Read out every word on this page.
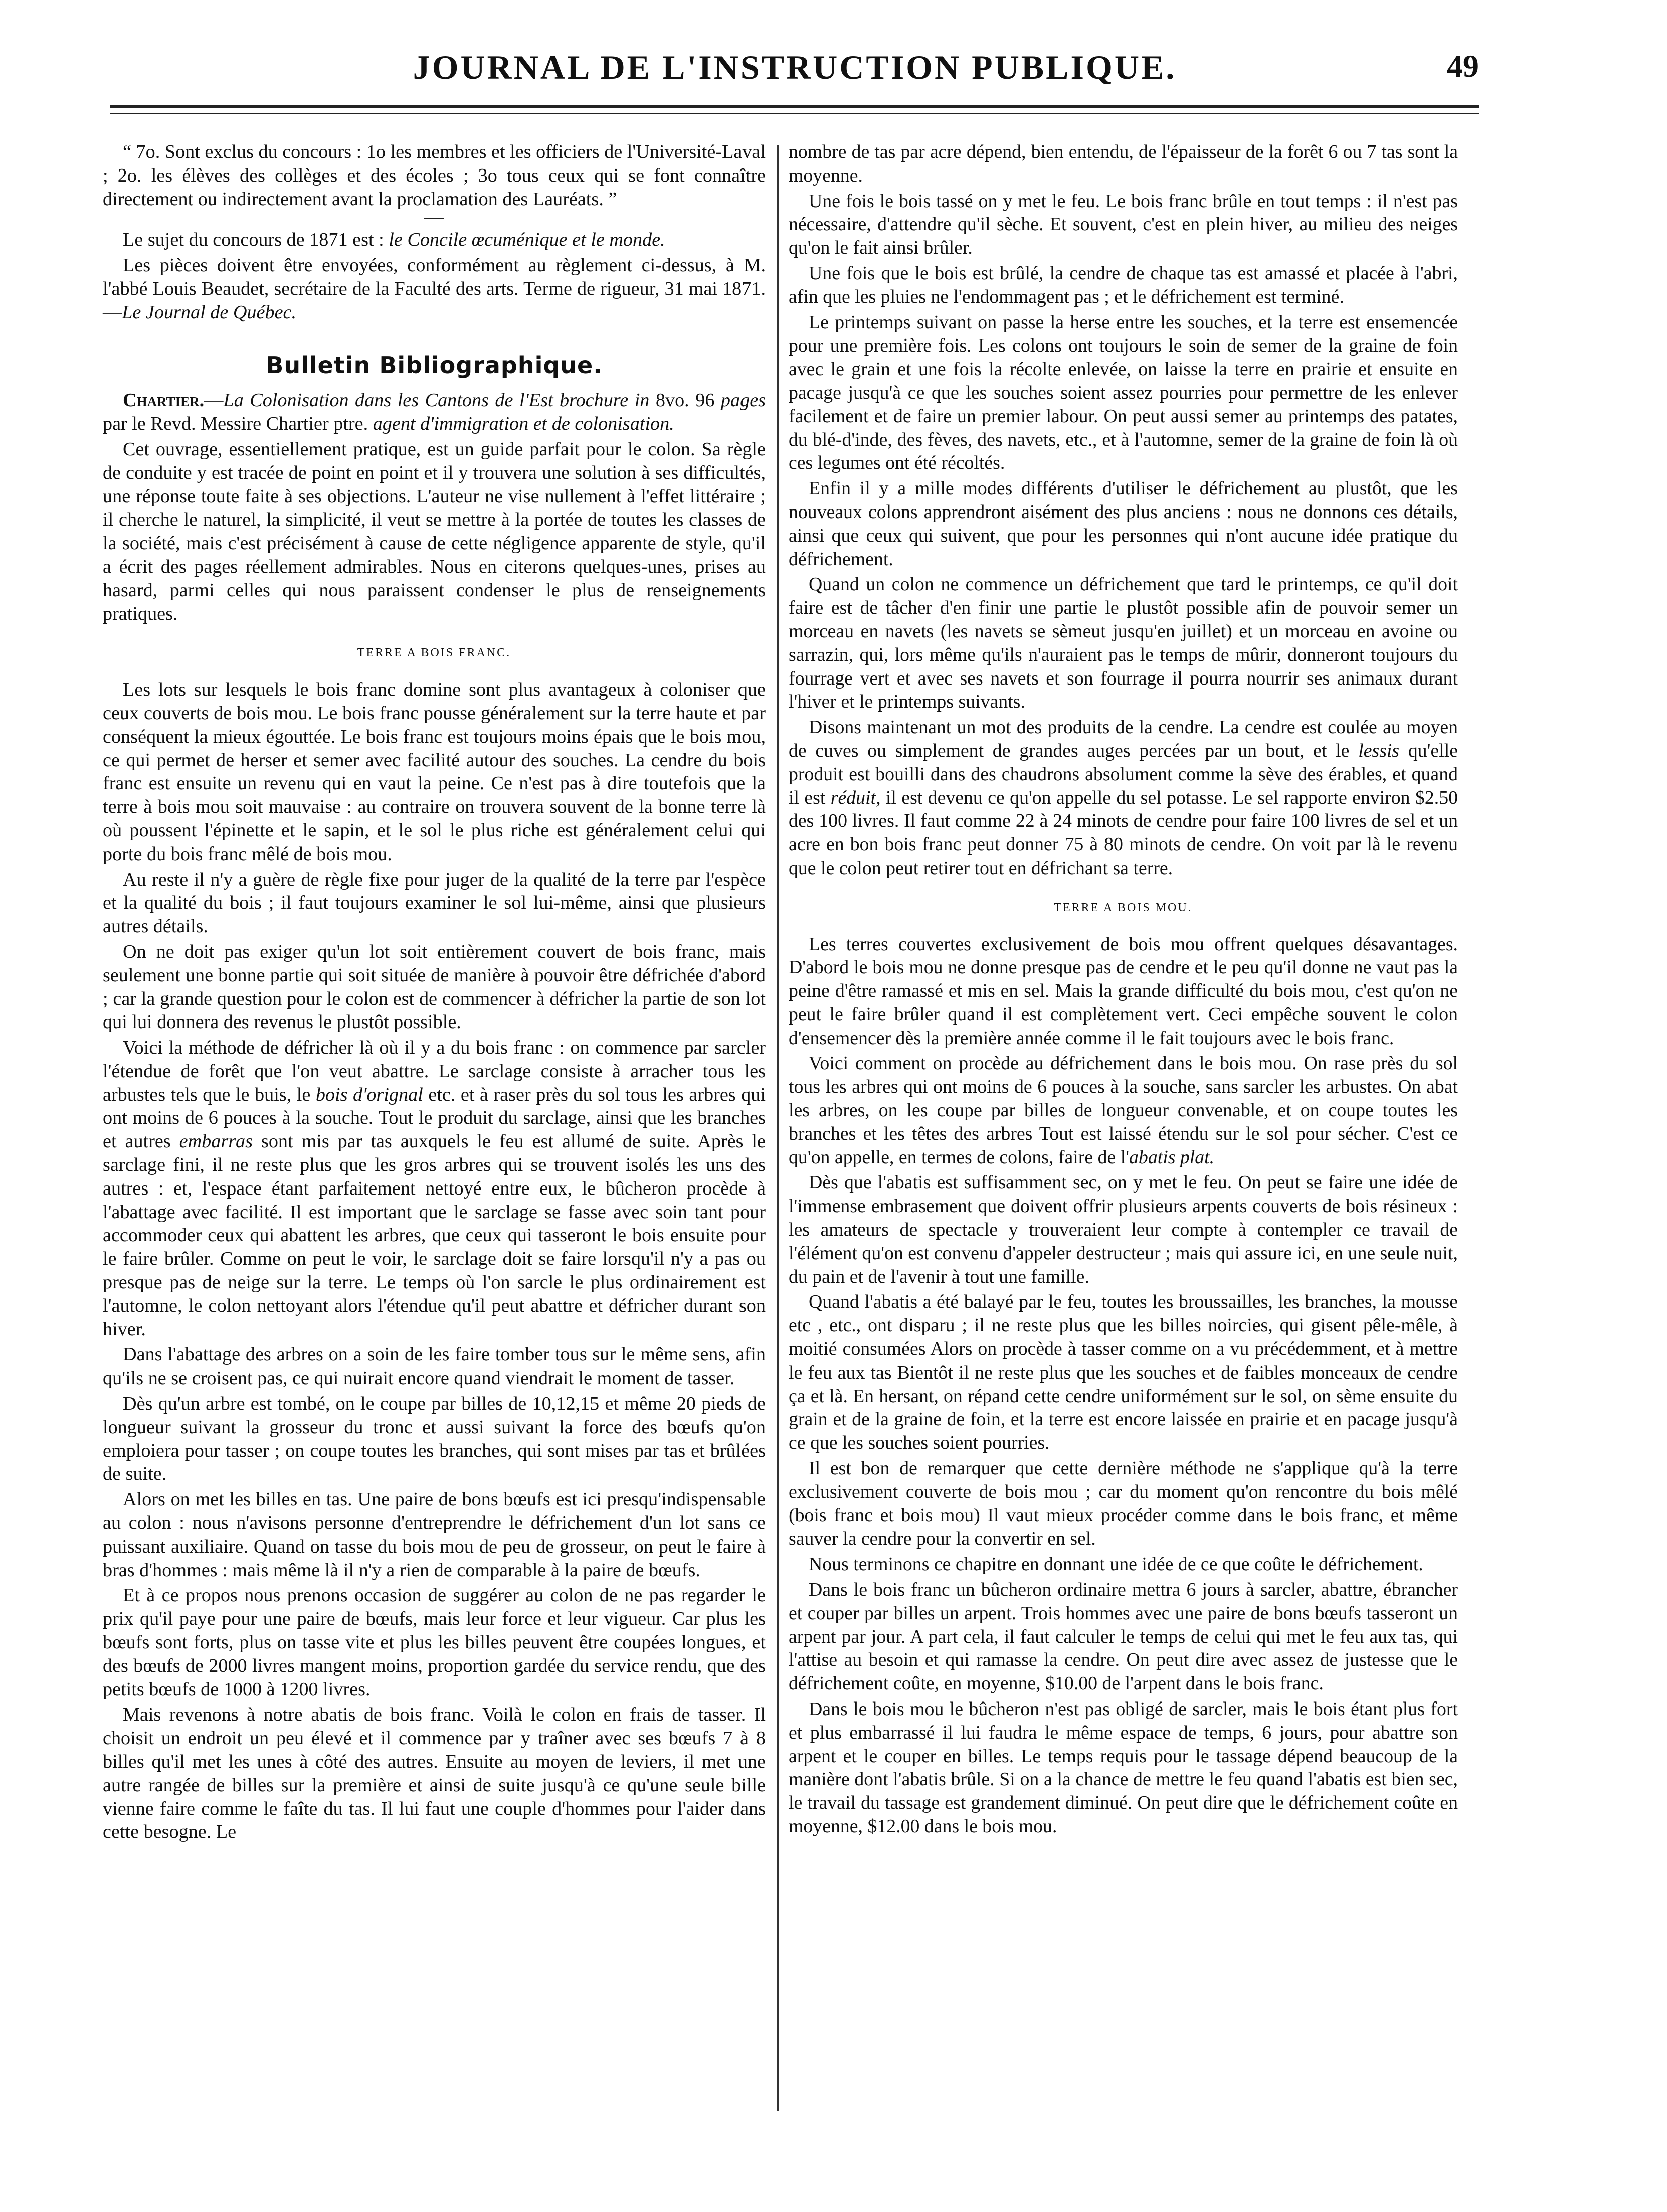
JOURNAL DE L'INSTRUCTION PUBLIQUE.	49

“ 7o. Sont exclus du concours : 1o les membres et les officiers de l'Université-Laval ; 2o. les élèves des collèges et des écoles ; 3o tous ceux qui se font connaître directement ou indirectement avant la proclamation des Lauréats. ”

Le sujet du concours de 1871 est : le Concile œcuménique et le monde.

Les pièces doivent être envoyées, conformément au règlement ci-dessus, à M. l'abbé Louis Beaudet, secrétaire de la Faculté des arts. Terme de rigueur, 31 mai 1871.—Le Journal de Québec.

Bulletin Bibliographique.

Chartier.—La Colonisation dans les Cantons de l'Est brochure in 8vo. 96 pages par le Revd. Messire Chartier ptre. agent d'immigration et de colonisation.

Cet ouvrage, essentiellement pratique, est un guide parfait pour le colon. Sa règle de conduite y est tracée de point en point et il y trouvera une solution à ses difficultés, une réponse toute faite à ses objections. L'auteur ne vise nullement à l'effet littéraire ; il cherche le naturel, la simplicité, il veut se mettre à la portée de toutes les classes de la société, mais c'est précisément à cause de cette négligence apparente de style, qu'il a écrit des pages réellement admirables. Nous en citerons quelques-unes, prises au hasard, parmi celles qui nous paraissent condenser le plus de renseignements pratiques.

TERRE A BOIS FRANC.

Les lots sur lesquels le bois franc domine sont plus avantageux à coloniser que ceux couverts de bois mou. Le bois franc pousse généralement sur la terre haute et par conséquent la mieux égouttée. Le bois franc est toujours moins épais que le bois mou, ce qui permet de herser et semer avec facilité autour des souches. La cendre du bois franc est ensuite un revenu qui en vaut la peine. Ce n'est pas à dire toutefois que la terre à bois mou soit mauvaise : au contraire on trouvera souvent de la bonne terre là où poussent l'épinette et le sapin, et le sol le plus riche est généralement celui qui porte du bois franc mêlé de bois mou.

Au reste il n'y a guère de règle fixe pour juger de la qualité de la terre par l'espèce et la qualité du bois ; il faut toujours examiner le sol lui-même, ainsi que plusieurs autres détails.

On ne doit pas exiger qu'un lot soit entièrement couvert de bois franc, mais seulement une bonne partie qui soit située de manière à pouvoir être défrichée d'abord ; car la grande question pour le colon est de commencer à défricher la partie de son lot qui lui donnera des revenus le plustôt possible.

Voici la méthode de défricher là où il y a du bois franc : on commence par sarcler l'étendue de forêt que l'on veut abattre. Le sarclage consiste à arracher tous les arbustes tels que le buis, le bois d'orignal etc. et à raser près du sol tous les arbres qui ont moins de 6 pouces à la souche. Tout le produit du sarclage, ainsi que les branches et autres embarras sont mis par tas auxquels le feu est allumé de suite. Après le sarclage fini, il ne reste plus que les gros arbres qui se trouvent isolés les uns des autres : et, l'espace étant parfaitement nettoyé entre eux, le bûcheron procède à l'abattage avec facilité. Il est important que le sarclage se fasse avec soin tant pour accommoder ceux qui abattent les arbres, que ceux qui tasseront le bois ensuite pour le faire brûler. Comme on peut le voir, le sarclage doit se faire lorsqu'il n'y a pas ou presque pas de neige sur la terre. Le temps où l'on sarcle le plus ordinairement est l'automne, le colon nettoyant alors l'étendue qu'il peut abattre et défricher durant son hiver.

Dans l'abattage des arbres on a soin de les faire tomber tous sur le même sens, afin qu'ils ne se croisent pas, ce qui nuirait encore quand viendrait le moment de tasser.

Dès qu'un arbre est tombé, on le coupe par billes de 10,12,15 et même 20 pieds de longueur suivant la grosseur du tronc et aussi suivant la force des bœufs qu'on emploiera pour tasser ; on coupe toutes les branches, qui sont mises par tas et brûlées de suite.

Alors on met les billes en tas. Une paire de bons bœufs est ici presqu'indispensable au colon : nous n'avisons personne d'entreprendre le défrichement d'un lot sans ce puissant auxiliaire. Quand on tasse du bois mou de peu de grosseur, on peut le faire à bras d'hommes : mais même là il n'y a rien de comparable à la paire de bœufs.

Et à ce propos nous prenons occasion de suggérer au colon de ne pas regarder le prix qu'il paye pour une paire de bœufs, mais leur force et leur vigueur. Car plus les bœufs sont forts, plus on tasse vite et plus les billes peuvent être coupées longues, et des bœufs de 2000 livres mangent moins, proportion gardée du service rendu, que des petits bœufs de 1000 à 1200 livres.

Mais revenons à notre abatis de bois franc. Voilà le colon en frais de tasser. Il choisit un endroit un peu élevé et il commence par y traîner avec ses bœufs 7 à 8 billes qu'il met les unes à côté des autres. Ensuite au moyen de leviers, il met une autre rangée de billes sur la première et ainsi de suite jusqu'à ce qu'une seule bille vienne faire comme le faîte du tas. Il lui faut une couple d'hommes pour l'aider dans cette besogne. Le

nombre de tas par acre dépend, bien entendu, de l'épaisseur de la forêt 6 ou 7 tas sont la moyenne.

Une fois le bois tassé on y met le feu. Le bois franc brûle en tout temps : il n'est pas nécessaire, d'attendre qu'il sèche. Et souvent, c'est en plein hiver, au milieu des neiges qu'on le fait ainsi brûler.

Une fois que le bois est brûlé, la cendre de chaque tas est amassé et placée à l'abri, afin que les pluies ne l'endommagent pas ; et le défrichement est terminé.

Le printemps suivant on passe la herse entre les souches, et la terre est ensemencée pour une première fois. Les colons ont toujours le soin de semer de la graine de foin avec le grain et une fois la récolte enlevée, on laisse la terre en prairie et ensuite en pacage jusqu'à ce que les souches soient assez pourries pour permettre de les enlever facilement et de faire un premier labour. On peut aussi semer au printemps des patates, du blé-d'inde, des fèves, des navets, etc., et à l'automne, semer de la graine de foin là où ces legumes ont été récoltés.

Enfin il y a mille modes différents d'utiliser le défrichement au plustôt, que les nouveaux colons apprendront aisément des plus anciens : nous ne donnons ces détails, ainsi que ceux qui suivent, que pour les personnes qui n'ont aucune idée pratique du défrichement.

Quand un colon ne commence un défrichement que tard le printemps, ce qu'il doit faire est de tâcher d'en finir une partie le plustôt possible afin de pouvoir semer un morceau en navets (les navets se sèmeut jusqu'en juillet) et un morceau en avoine ou sarrazin, qui, lors même qu'ils n'auraient pas le temps de mûrir, donneront toujours du fourrage vert et avec ses navets et son fourrage il pourra nourrir ses animaux durant l'hiver et le printemps suivants.

Disons maintenant un mot des produits de la cendre. La cendre est coulée au moyen de cuves ou simplement de grandes auges percées par un bout, et le lessis qu'elle produit est bouilli dans des chaudrons absolument comme la sève des érables, et quand il est réduit, il est devenu ce qu'on appelle du sel potasse. Le sel rapporte environ $2.50 des 100 livres. Il faut comme 22 à 24 minots de cendre pour faire 100 livres de sel et un acre en bon bois franc peut donner 75 à 80 minots de cendre. On voit par là le revenu que le colon peut retirer tout en défrichant sa terre.

TERRE A BOIS MOU.

Les terres couvertes exclusivement de bois mou offrent quelques désavantages. D'abord le bois mou ne donne presque pas de cendre et le peu qu'il donne ne vaut pas la peine d'être ramassé et mis en sel. Mais la grande difficulté du bois mou, c'est qu'on ne peut le faire brûler quand il est complètement vert. Ceci empêche souvent le colon d'ensemencer dès la première année comme il le fait toujours avec le bois franc.

Voici comment on procède au défrichement dans le bois mou. On rase près du sol tous les arbres qui ont moins de 6 pouces à la souche, sans sarcler les arbustes. On abat les arbres, on les coupe par billes de longueur convenable, et on coupe toutes les branches et les têtes des arbres Tout est laissé étendu sur le sol pour sécher. C'est ce qu'on appelle, en termes de colons, faire de l'abatis plat.

Dès que l'abatis est suffisamment sec, on y met le feu. On peut se faire une idée de l'immense embrasement que doivent offrir plusieurs arpents couverts de bois résineux : les amateurs de spectacle y trouveraient leur compte à contempler ce travail de l'élément qu'on est convenu d'appeler destructeur ; mais qui assure ici, en une seule nuit, du pain et de l'avenir à tout une famille.

Quand l'abatis a été balayé par le feu, toutes les broussailles, les branches, la mousse etc , etc., ont disparu ; il ne reste plus que les billes noircies, qui gisent pêle-mêle, à moitié consumées Alors on procède à tasser comme on a vu précédemment, et à mettre le feu aux tas Bientôt il ne reste plus que les souches et de faibles monceaux de cendre ça et là. En hersant, on répand cette cendre uniformément sur le sol, on sème ensuite du grain et de la graine de foin, et la terre est encore laissée en prairie et en pacage jusqu'à ce que les souches soient pourries.

Il est bon de remarquer que cette dernière méthode ne s'applique qu'à la terre exclusivement couverte de bois mou ; car du moment qu'on rencontre du bois mêlé (bois franc et bois mou) Il vaut mieux procéder comme dans le bois franc, et même sauver la cendre pour la convertir en sel.

Nous terminons ce chapitre en donnant une idée de ce que coûte le défrichement.

Dans le bois franc un bûcheron ordinaire mettra 6 jours à sarcler, abattre, ébrancher et couper par billes un arpent. Trois hommes avec une paire de bons bœufs tasseront un arpent par jour. A part cela, il faut calculer le temps de celui qui met le feu aux tas, qui l'attise au besoin et qui ramasse la cendre. On peut dire avec assez de justesse que le défrichement coûte, en moyenne, $10.00 de l'arpent dans le bois franc.

Dans le bois mou le bûcheron n'est pas obligé de sarcler, mais le bois étant plus fort et plus embarrassé il lui faudra le même espace de temps, 6 jours, pour abattre son arpent et le couper en billes. Le temps requis pour le tassage dépend beaucoup de la manière dont l'abatis brûle. Si on a la chance de mettre le feu quand l'abatis est bien sec, le travail du tassage est grandement diminué. On peut dire que le défrichement coûte en moyenne, $12.00 dans le bois mou.
